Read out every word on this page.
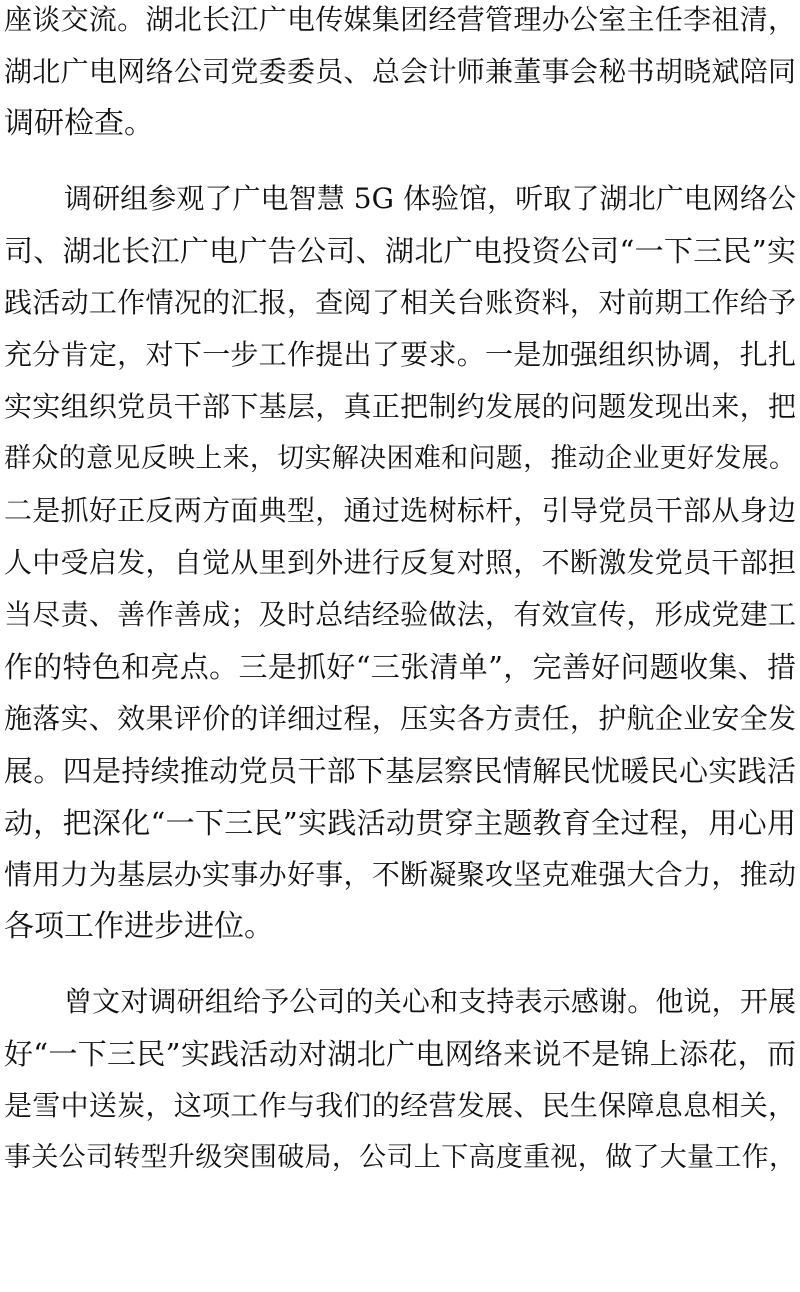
座谈交流。湖北长江广电传媒集团经营管理办公室主任李祖清，
湖北广电网络公司党委委员、总会计师兼董事会秘书胡晓斌陪同
调研检查。
调研组参观了广电智慧 5G 体验馆，听取了湖北广电网络公
司、湖北长江广电广告公司、湖北广电投资公司“一下三民”实
践活动工作情况的汇报，查阅了相关台账资料，对前期工作给予
充分肯定，对下一步工作提出了要求。一是加强组织协调，扎扎
实实组织党员干部下基层，真正把制约发展的问题发现出来，把
群众的意见反映上来，切实解决困难和问题，推动企业更好发展。
二是抓好正反两方面典型，通过选树标杆，引导党员干部从身边
人中受启发，自觉从里到外进行反复对照，不断激发党员干部担
当尽责、善作善成；及时总结经验做法，有效宣传，形成党建工
作的特色和亮点。三是抓好“三张清单”，完善好问题收集、措
施落实、效果评价的详细过程，压实各方责任，护航企业安全发
展。四是持续推动党员干部下基层察民情解民忧暖民心实践活
动，把深化“一下三民”实践活动贯穿主题教育全过程，用心用
情用力为基层办实事办好事，不断凝聚攻坚克难强大合力，推动
各项工作进步进位。
曾文对调研组给予公司的关心和支持表示感谢。他说，开展
好“一下三民”实践活动对湖北广电网络来说不是锦上添花，而
是雪中送炭，这项工作与我们的经营发展、民生保障息息相关，
事关公司转型升级突围破局，公司上下高度重视，做了大量工作，
